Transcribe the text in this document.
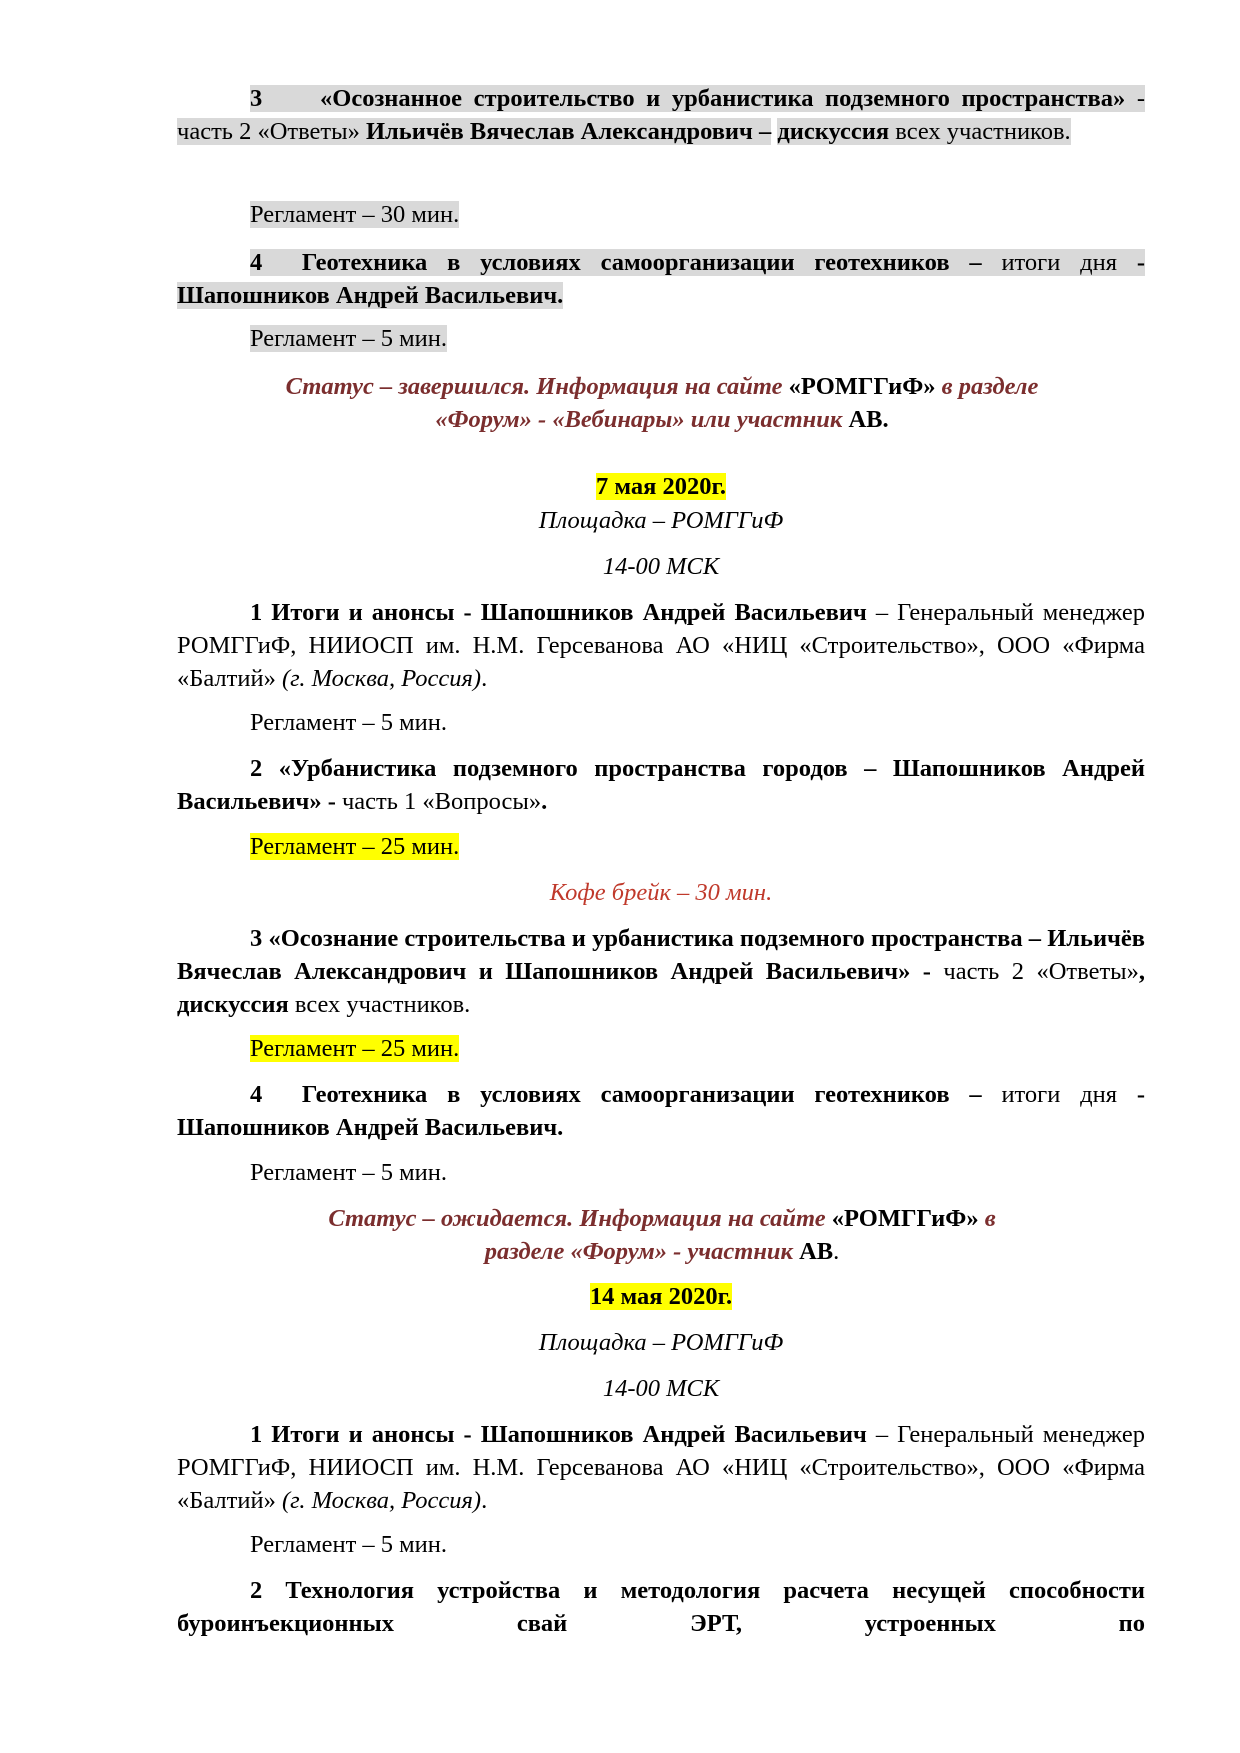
3 «Осознанное строительство и урбанистика подземного пространства» - часть 2 «Ответы» Ильичёв Вячеслав Александрович – дискуссия всех участников.

Регламент – 30 мин.

4 Геотехника в условиях самоорганизации геотехников – итоги дня - Шапошников Андрей Васильевич.

Регламент – 5 мин.

Статус – завершился. Информация на сайте «РОМГГиФ» в разделе «Форум» - «Вебинары» или участник АВ.

7 мая 2020г.

Площадка – РОМГГиФ

14-00 МСК

1 Итоги и анонсы - Шапошников Андрей Васильевич – Генеральный менеджер РОМГГиФ, НИИОСП им. Н.М. Герсеванова АО «НИЦ «Строительство», ООО «Фирма «Балтий» (г. Москва, Россия).

Регламент – 5 мин.

2 «Урбанистика подземного пространства городов – Шапошников Андрей Васильевич» - часть 1 «Вопросы».

Регламент – 25 мин.

Кофе брейк – 30 мин.

3 «Осознание строительства и урбанистика подземного пространства – Ильичёв Вячеслав Александрович и Шапошников Андрей Васильевич» - часть 2 «Ответы», дискуссия всех участников.

Регламент – 25 мин.

4 Геотехника в условиях самоорганизации геотехников – итоги дня - Шапошников Андрей Васильевич.

Регламент – 5 мин.

Статус – ожидается. Информация на сайте «РОМГГиФ» в разделе «Форум» - участник АВ.

14 мая 2020г.

Площадка – РОМГГиФ

14-00 МСК

1 Итоги и анонсы - Шапошников Андрей Васильевич – Генеральный менеджер РОМГГиФ, НИИОСП им. Н.М. Герсеванова АО «НИЦ «Строительство», ООО «Фирма «Балтий» (г. Москва, Россия).

Регламент – 5 мин.

2 Технология устройства и методология расчета несущей способности буроинъекционных свай ЭРТ, устроенных по
